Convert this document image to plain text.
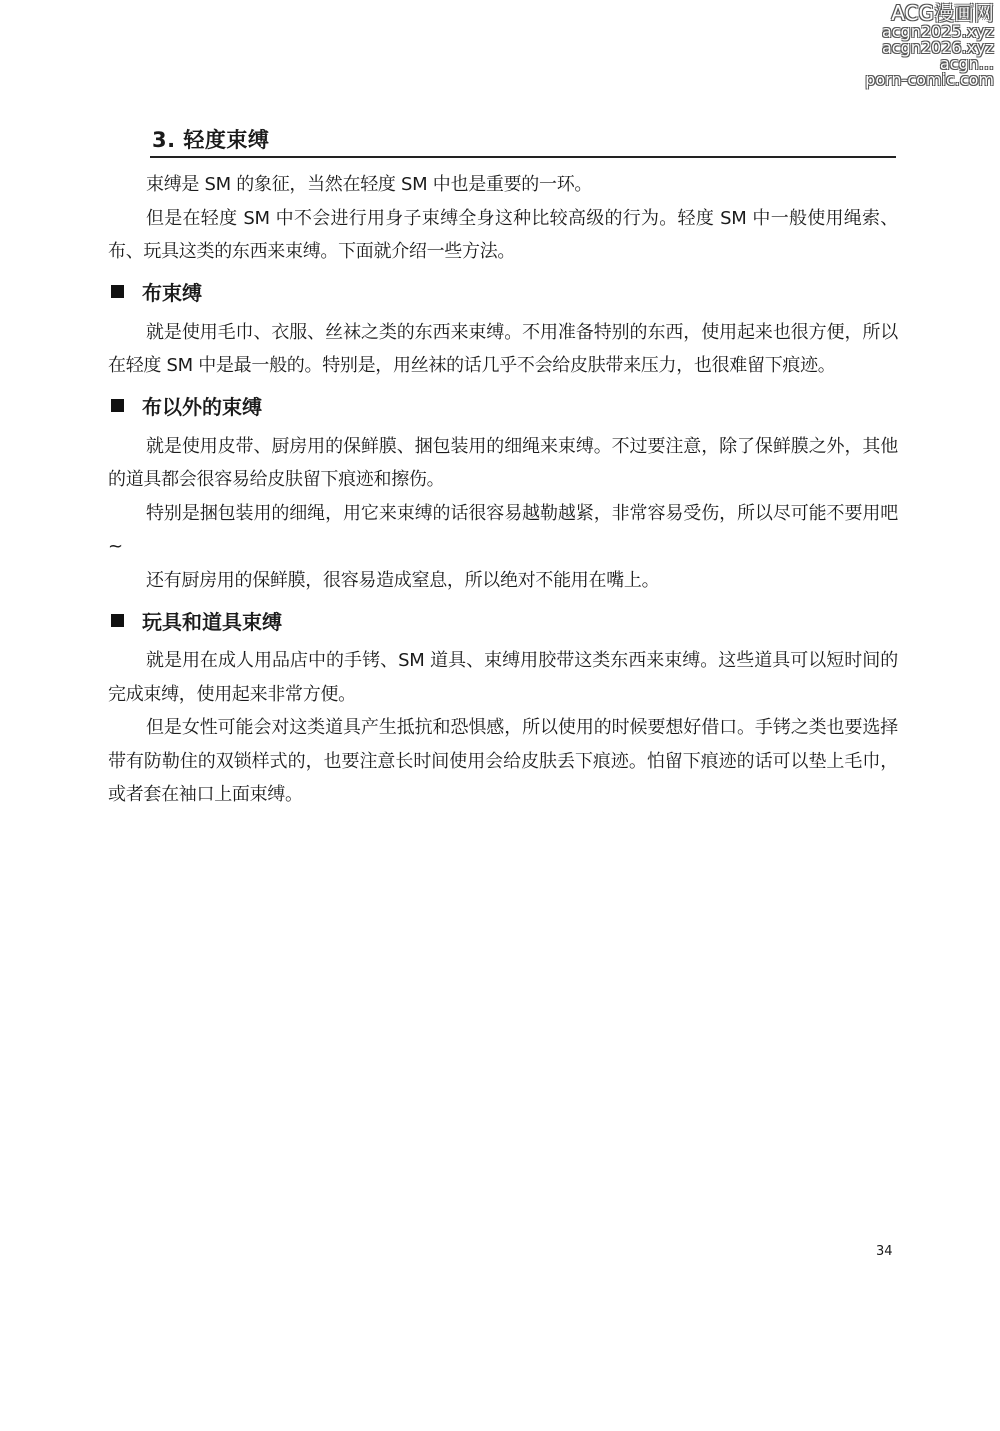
ACG漫画网
acgn2025.xyz
acgn2026.xyz
acgn...
porn-comic.com
3. 轻度束缚

束缚是 SM 的象征，当然在轻度 SM 中也是重要的一环。

但是在轻度 SM 中不会进行用身子束缚全身这种比较高级的行为。轻度 SM 中一般使用绳索、布、玩具这类的东西来束缚。下面就介绍一些方法。

布束缚

就是使用毛巾、衣服、丝袜之类的东西来束缚。不用准备特别的东西，使用起来也很方便，所以在轻度 SM 中是最一般的。特别是，用丝袜的话几乎不会给皮肤带来压力，也很难留下痕迹。

布以外的束缚

就是使用皮带、厨房用的保鲜膜、捆包装用的细绳来束缚。不过要注意，除了保鲜膜之外，其他的道具都会很容易给皮肤留下痕迹和擦伤。

特别是捆包装用的细绳，用它来束缚的话很容易越勒越紧，非常容易受伤，所以尽可能不要用吧~

还有厨房用的保鲜膜，很容易造成窒息，所以绝对不能用在嘴上。

玩具和道具束缚

就是用在成人用品店中的手铐、SM 道具、束缚用胶带这类东西来束缚。这些道具可以短时间的完成束缚，使用起来非常方便。

但是女性可能会对这类道具产生抵抗和恐惧感，所以使用的时候要想好借口。手铐之类也要选择带有防勒住的双锁样式的，也要注意长时间使用会给皮肤丢下痕迹。怕留下痕迹的话可以垫上毛巾，或者套在袖口上面束缚。

34
